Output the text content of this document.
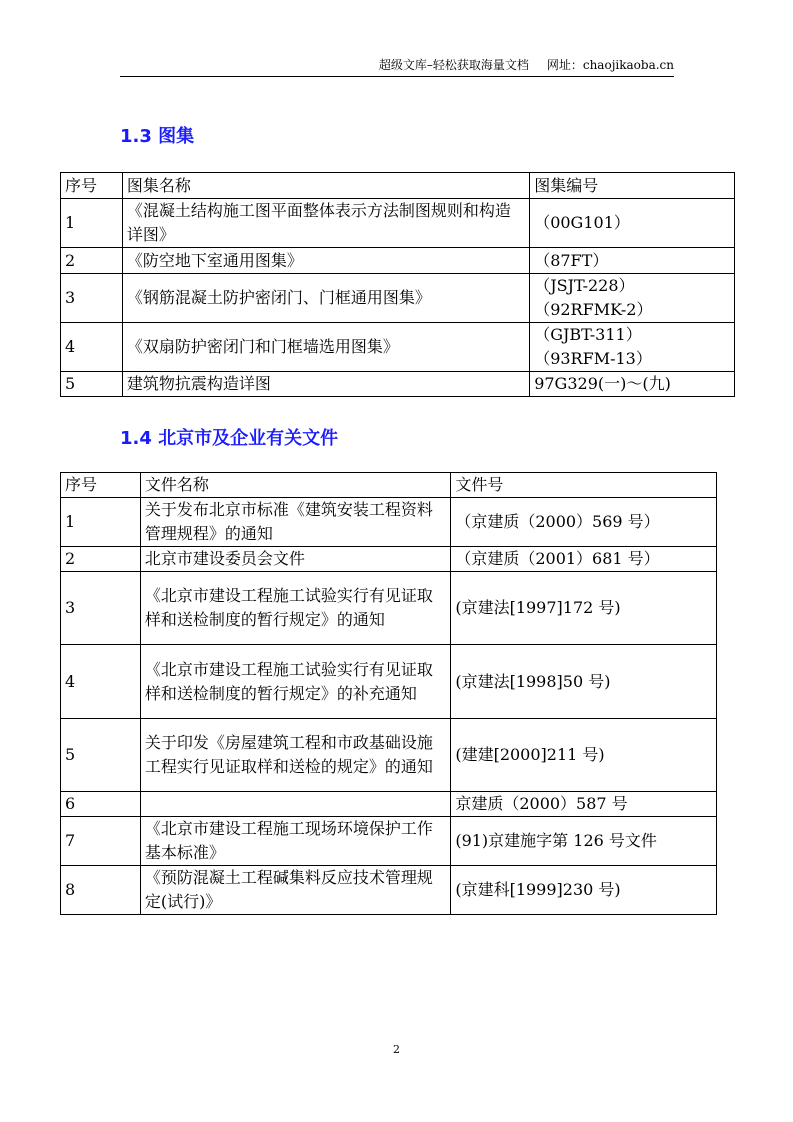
超级文库–轻松获取海量文档 网址：chaojikaoba.cn
1.3 图集
序号	图集名称	图集编号
1	《混凝土结构施工图平面整体表示方法制图规则和构造详图》	（00G101）
2	《防空地下室通用图集》	（87FT）
3	《钢筋混凝土防护密闭门、门框通用图集》	（JSJT-228）
（92RFMK-2）
4	《双扇防护密闭门和门框墙选用图集》	（GJBT-311）
（93RFM-13）
5	建筑物抗震构造详图	97G329(一)～(九)
1.4 北京市及企业有关文件
序号	文件名称	文件号
1	关于发布北京市标准《建筑安装工程资料管理规程》的通知	（京建质（2000）569 号）
2	北京市建设委员会文件	（京建质（2001）681 号）
3	《北京市建设工程施工试验实行有见证取样和送检制度的暂行规定》的通知	(京建法[1997]172 号)
4	《北京市建设工程施工试验实行有见证取样和送检制度的暂行规定》的补充通知	(京建法[1998]50 号)
5	关于印发《房屋建筑工程和市政基础设施工程实行见证取样和送检的规定》的通知	(建建[2000]211 号)
6		京建质（2000）587 号
7	《北京市建设工程施工现场环境保护工作基本标准》	(91)京建施字第 126 号文件
8	《预防混凝土工程碱集料反应技术管理规定(试行)》	(京建科[1999]230 号)
2
